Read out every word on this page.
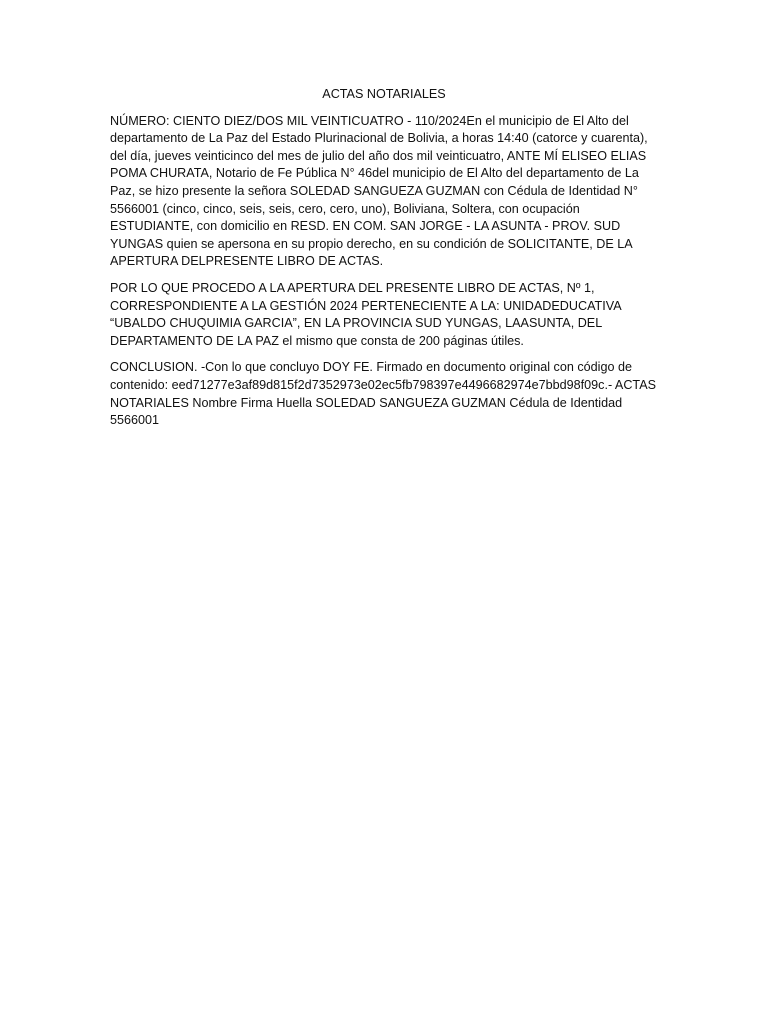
ACTAS NOTARIALES

NÚMERO: CIENTO DIEZ/DOS MIL VEINTICUATRO - 110/2024En el municipio de El Alto del departamento de La Paz del Estado Plurinacional de Bolivia, a horas 14:40 (catorce y cuarenta), del día, jueves veinticinco del mes de julio del año dos mil veinticuatro, ANTE MÍ ELISEO ELIAS POMA CHURATA, Notario de Fe Pública N° 46del municipio de El Alto del departamento de La Paz, se hizo presente la señora SOLEDAD SANGUEZA GUZMAN con Cédula de Identidad N° 5566001 (cinco, cinco, seis, seis, cero, cero, uno), Boliviana, Soltera, con ocupación ESTUDIANTE, con domicilio en RESD. EN COM. SAN JORGE - LA ASUNTA - PROV. SUD YUNGAS quien se apersona en su propio derecho, en su condición de SOLICITANTE, DE LA APERTURA DELPRESENTE LIBRO DE ACTAS.

POR LO QUE PROCEDO A LA APERTURA DEL PRESENTE LIBRO DE ACTAS, Nº 1, CORRESPONDIENTE A LA GESTIÓN 2024 PERTENECIENTE A LA: UNIDADEDUCATIVA “UBALDO CHUQUIMIA GARCIA”, EN LA PROVINCIA SUD YUNGAS, LAASUNTA, DEL DEPARTAMENTO DE LA PAZ el mismo que consta de 200 páginas útiles.

CONCLUSION. -Con lo que concluyo DOY FE. Firmado en documento original con código de contenido: eed71277e3af89d815f2d7352973e02ec5fb798397e4496682974e7bbd98f09c.- ACTAS NOTARIALES Nombre Firma Huella SOLEDAD SANGUEZA GUZMAN Cédula de Identidad 5566001
